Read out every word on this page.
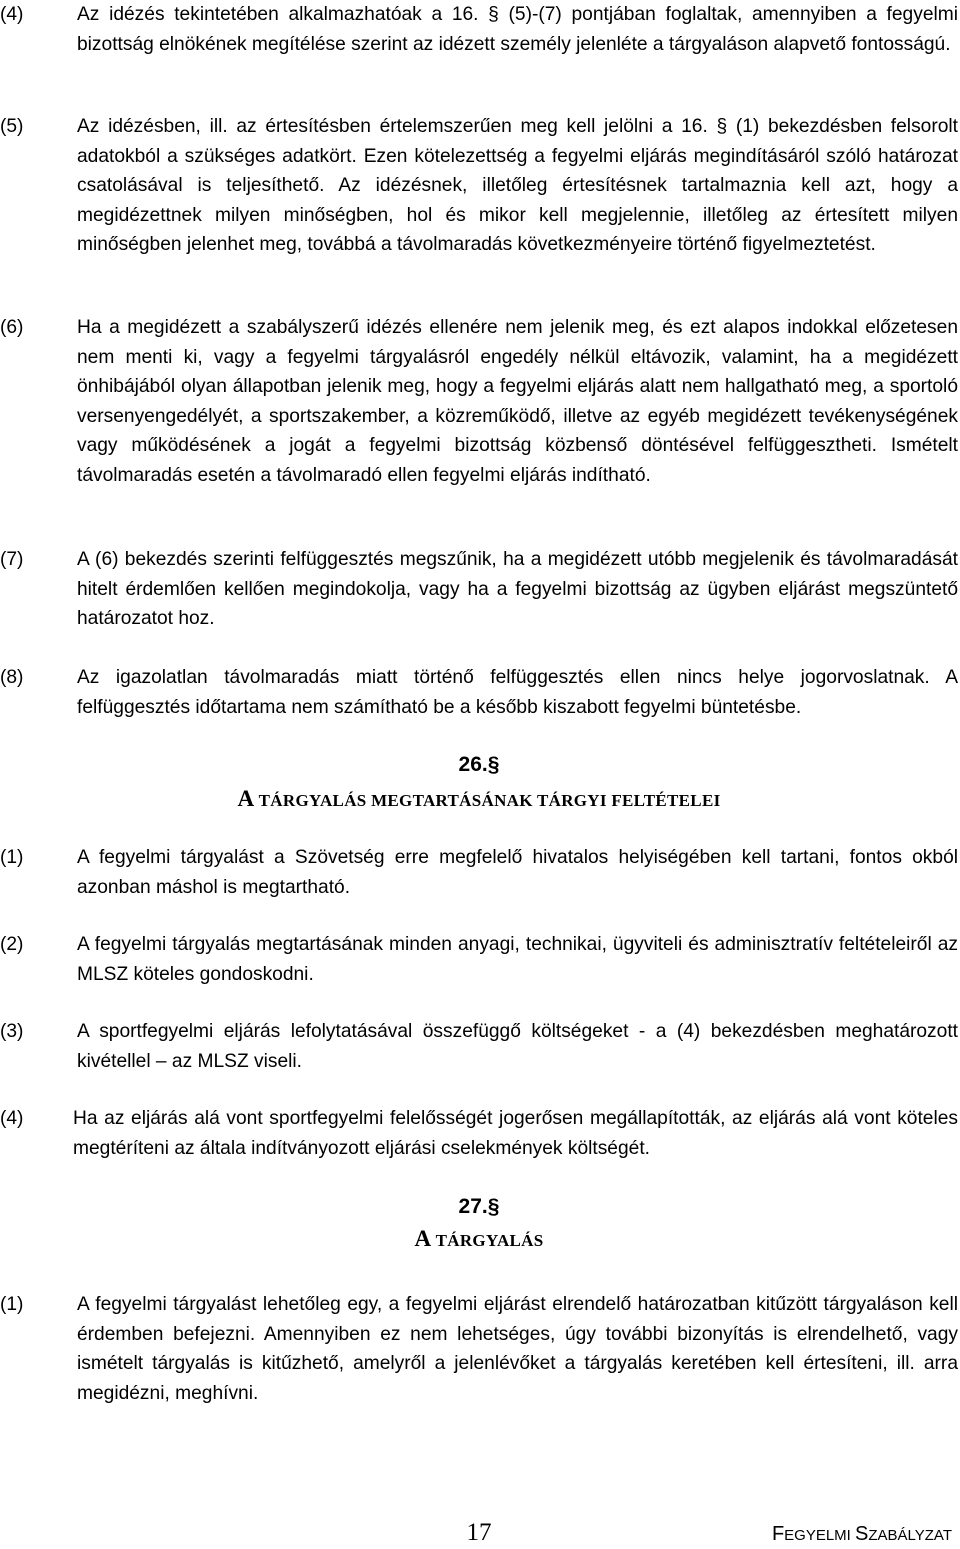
(4)	Az idézés tekintetében alkalmazhatóak a 16. § (5)-(7) pontjában foglaltak, amennyiben a fegyelmi bizottság elnökének megítélése szerint az idézett személy jelenléte a tárgyaláson alapvető fontosságú.
(5)	Az idézésben, ill. az értesítésben értelemszerűen meg kell jelölni a 16. § (1) bekezdésben felsorolt adatokból a szükséges adatkört. Ezen kötelezettség a fegyelmi eljárás megindításáról szóló határozat csatolásával is teljesíthető. Az idézésnek, illetőleg értesítésnek tartalmaznia kell azt, hogy a megidézettnek milyen minőségben, hol és mikor kell megjelennie, illetőleg az értesített milyen minőségben jelenhet meg, továbbá a távolmaradás következményeire történő figyelmeztetést.
(6)	Ha a megidézett a szabályszerű idézés ellenére nem jelenik meg, és ezt alapos indokkal előzetesen nem menti ki, vagy a fegyelmi tárgyalásról engedély nélkül eltávozik, valamint, ha a megidézett önhibájából olyan állapotban jelenik meg, hogy a fegyelmi eljárás alatt nem hallgatható meg, a sportoló versenyengedélyét, a sportszakember, a közreműködő, illetve az egyéb megidézett tevékenységének vagy működésének a jogát a fegyelmi bizottság közbenső döntésével felfüggesztheti. Ismételt távolmaradás esetén a távolmaradó ellen fegyelmi eljárás indítható.
(7)	A (6) bekezdés szerinti felfüggesztés megszűnik, ha a megidézett utóbb megjelenik és távolmaradását hitelt érdemlően kellően megindokolja, vagy ha a fegyelmi bizottság az ügyben eljárást megszüntető határozatot hoz.
(8)	Az igazolatlan távolmaradás miatt történő felfüggesztés ellen nincs helye jogorvoslatnak. A felfüggesztés időtartama nem számítható be a később kiszabott fegyelmi büntetésbe.
26.§
A TÁRGYALÁS MEGTARTÁSÁNAK TÁRGYI FELTÉTELEI
(1)	A fegyelmi tárgyalást a Szövetség erre megfelelő hivatalos helyiségében kell tartani, fontos okból azonban máshol is megtartható.
(2)	A fegyelmi tárgyalás megtartásának minden anyagi, technikai, ügyviteli és adminisztratív feltételeiről az MLSZ köteles gondoskodni.
(3)	A sportfegyelmi eljárás lefolytatásával összefüggő költségeket - a (4) bekezdésben meghatározott kivétellel – az MLSZ viseli.
(4)	Ha az eljárás alá vont sportfegyelmi felelősségét jogerősen megállapították, az eljárás alá vont köteles megtéríteni az általa indítványozott eljárási cselekmények költségét.
27.§
A TÁRGYALÁS
(1)	A fegyelmi tárgyalást lehetőleg egy, a fegyelmi eljárást elrendelő határozatban kitűzött tárgyaláson kell érdemben befejezni. Amennyiben ez nem lehetséges, úgy további bizonyítás is elrendelhető, vagy ismételt tárgyalás is kitűzhető, amelyről a jelenlévőket a tárgyalás keretében kell értesíteni, ill. arra megidézni, meghívni.
17	FEGYELMI SZABÁLYZAT
